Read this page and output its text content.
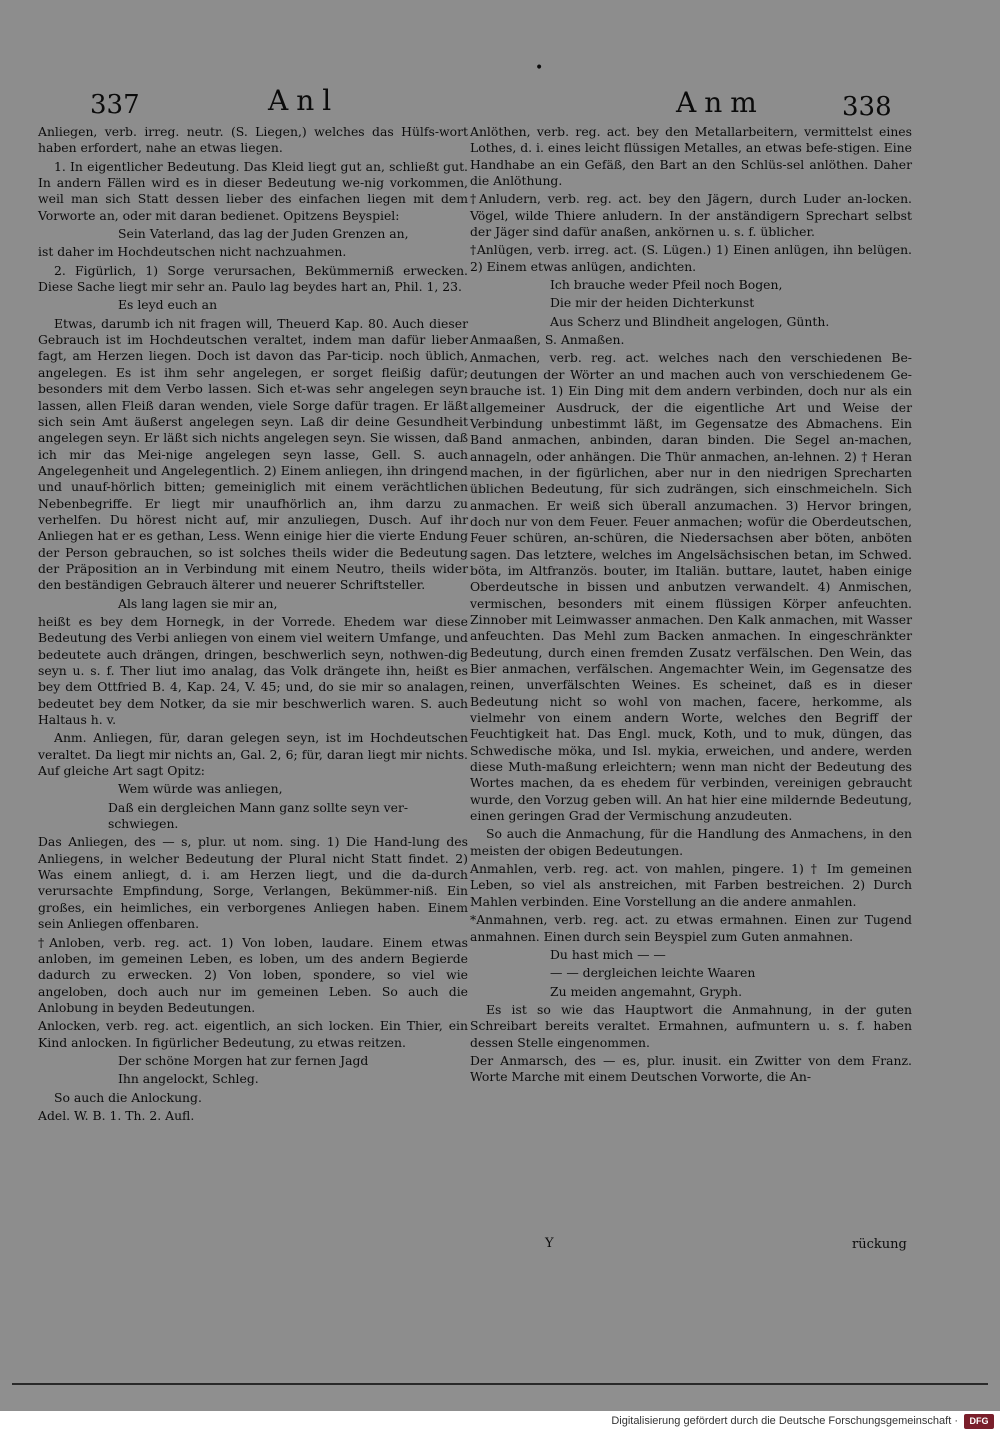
•
337	Anl	Anm	338

Anliegen, verb. irreg. neutr. (S. Liegen,) welches das Hülfs-wort haben erfordert, nahe an etwas liegen.

1. In eigentlicher Bedeutung. Das Kleid liegt gut an, schließt gut. In andern Fällen wird es in dieser Bedeutung we-nig vorkommen, weil man sich Statt dessen lieber des einfachen liegen mit dem Vorworte an, oder mit daran bedienet. Opitzens Beyspiel:

Sein Vaterland, das lag der Juden Grenzen an,

ist daher im Hochdeutschen nicht nachzuahmen.

2. Figürlich, 1) Sorge verursachen, Bekümmerniß erwecken. Diese Sache liegt mir sehr an. Paulo lag beydes hart an, Phil. 1, 23.

Es leyd euch an

Etwas, darumb ich nit fragen will, Theuerd Kap. 80. Auch dieser Gebrauch ist im Hochdeutschen veraltet, indem man dafür lieber fagt, am Herzen liegen. Doch ist davon das Par-ticip. noch üblich, angelegen. Es ist ihm sehr angelegen, er sorget fleißig dafür; besonders mit dem Verbo lassen. Sich et-was sehr angelegen seyn lassen, allen Fleiß daran wenden, viele Sorge dafür tragen. Er läßt sich sein Amt äußerst angelegen seyn. Laß dir deine Gesundheit angelegen seyn. Er läßt sich nichts angelegen seyn. Sie wissen, daß ich mir das Mei-nige angelegen seyn lasse, Gell. S. auch Angelegenheit und Angelegentlich. 2) Einem anliegen, ihn dringend und unauf-hörlich bitten; gemeiniglich mit einem verächtlichen Nebenbegriffe. Er liegt mir unaufhörlich an, ihm darzu zu verhelfen. Du hörest nicht auf, mir anzuliegen, Dusch. Auf ihr Anliegen hat er es gethan, Less. Wenn einige hier die vierte Endung der Person gebrauchen, so ist solches theils wider die Bedeutung der Präposition an in Verbindung mit einem Neutro, theils wider den beständigen Gebrauch älterer und neuerer Schriftsteller.

Als lang lagen sie mir an,

heißt es bey dem Hornegk, in der Vorrede. Ehedem war diese Bedeutung des Verbi anliegen von einem viel weitern Umfange, und bedeutete auch drängen, dringen, beschwerlich seyn, nothwen-dig seyn u. s. f. Ther liut imo analag, das Volk drängete ihn, heißt es bey dem Ottfried B. 4, Kap. 24, V. 45; und, do sie mir so analagen, bedeutet bey dem Notker, da sie mir beschwerlich waren. S. auch Haltaus h. v.

Anm. Anliegen, für, daran gelegen seyn, ist im Hochdeutschen veraltet. Da liegt mir nichts an, Gal. 2, 6; für, daran liegt mir nichts. Auf gleiche Art sagt Opitz:

Wem würde was anliegen,

Daß ein dergleichen Mann ganz sollte seyn ver-schwiegen.

Das Anliegen, des — s, plur. ut nom. sing. 1) Die Hand-lung des Anliegens, in welcher Bedeutung der Plural nicht Statt findet. 2) Was einem anliegt, d. i. am Herzen liegt, und die da-durch verursachte Empfindung, Sorge, Verlangen, Bekümmer-niß. Ein großes, ein heimliches, ein verborgenes Anliegen haben. Einem sein Anliegen offenbaren.

†Anloben, verb. reg. act. 1) Von loben, laudare. Einem etwas anloben, im gemeinen Leben, es loben, um des andern Begierde dadurch zu erwecken. 2) Von loben, spondere, so viel wie angeloben, doch auch nur im gemeinen Leben. So auch die Anlobung in beyden Bedeutungen.

Anlocken, verb. reg. act. eigentlich, an sich locken. Ein Thier, ein Kind anlocken. In figürlicher Bedeutung, zu etwas reitzen.

Der schöne Morgen hat zur fernen Jagd

Ihn angelockt, Schleg.

So auch die Anlockung.

Adel. W. B. 1. Th. 2. Aufl.

Anlöthen, verb. reg. act. bey den Metallarbeitern, vermittelst eines Lothes, d. i. eines leicht flüssigen Metalles, an etwas befe-stigen. Eine Handhabe an ein Gefäß, den Bart an den Schlüs-sel anlöthen. Daher die Anlöthung.

†Anludern, verb. reg. act. bey den Jägern, durch Luder an-locken. Vögel, wilde Thiere anludern. In der anständigern Sprechart selbst der Jäger sind dafür anaßen, ankörnen u. s. f. üblicher.

†Anlügen, verb. irreg. act. (S. Lügen.) 1) Einen anlügen, ihn belügen. 2) Einem etwas anlügen, andichten.

Ich brauche weder Pfeil noch Bogen,

Die mir der heiden Dichterkunst

Aus Scherz und Blindheit angelogen, Günth.

Anmaaßen, S. Anmaßen.

Anmachen, verb. reg. act. welches nach den verschiedenen Be-deutungen der Wörter an und machen auch von verschiedenem Ge-brauche ist. 1) Ein Ding mit dem andern verbinden, doch nur als ein allgemeiner Ausdruck, der die eigentliche Art und Weise der Verbindung unbestimmt läßt, im Gegensatze des Abmachens. Ein Band anmachen, anbinden, daran binden. Die Segel an-machen, annageln, oder anhängen. Die Thür anmachen, an-lehnen. 2) † Heran machen, in der figürlichen, aber nur in den niedrigen Sprecharten üblichen Bedeutung, für sich zudrängen, sich einschmeicheln. Sich anmachen. Er weiß sich überall anzumachen. 3) Hervor bringen, doch nur von dem Feuer. Feuer anmachen; wofür die Oberdeutschen, Feuer schüren, an-schüren, die Niedersachsen aber böten, anböten sagen. Das letztere, welches im Angelsächsischen betan, im Schwed. böta, im Altfranzös. bouter, im Italiän. buttare, lautet, haben einige Oberdeutsche in bissen und anbutzen verwandelt. 4) Anmischen, vermischen, besonders mit einem flüssigen Körper anfeuchten. Zinnober mit Leimwasser anmachen. Den Kalk anmachen, mit Wasser anfeuchten. Das Mehl zum Backen anmachen. In eingeschränkter Bedeutung, durch einen fremden Zusatz verfälschen. Den Wein, das Bier anmachen, verfälschen. Angemachter Wein, im Gegensatze des reinen, unverfälschten Weines. Es scheinet, daß es in dieser Bedeutung nicht so wohl von machen, facere, herkomme, als vielmehr von einem andern Worte, welches den Begriff der Feuchtigkeit hat. Das Engl. muck, Koth, und to muk, düngen, das Schwedische möka, und Isl. mykia, erweichen, und andere, werden diese Muth-maßung erleichtern; wenn man nicht der Bedeutung des Wortes machen, da es ehedem für verbinden, vereinigen gebraucht wurde, den Vorzug geben will. An hat hier eine mildernde Bedeutung, einen geringen Grad der Vermischung anzudeuten.

So auch die Anmachung, für die Handlung des Anmachens, in den meisten der obigen Bedeutungen.

Anmahlen, verb. reg. act. von mahlen, pingere. 1) † Im gemeinen Leben, so viel als anstreichen, mit Farben bestreichen. 2) Durch Mahlen verbinden. Eine Vorstellung an die andere anmahlen.

*Anmahnen, verb. reg. act. zu etwas ermahnen. Einen zur Tugend anmahnen. Einen durch sein Beyspiel zum Guten anmahnen.

Du hast mich — —

— — dergleichen leichte Waaren

Zu meiden angemahnt, Gryph.

Es ist so wie das Hauptwort die Anmahnung, in der guten Schreibart bereits veraltet. Ermahnen, aufmuntern u. s. f. haben dessen Stelle eingenommen.

Der Anmarsch, des — es, plur. inusit. ein Zwitter von dem Franz. Worte Marche mit einem Deutschen Vorworte, die An-

Y	rückung
Digitalisierung gefördert durch die Deutsche Forschungsgemeinschaft ·	DFG
